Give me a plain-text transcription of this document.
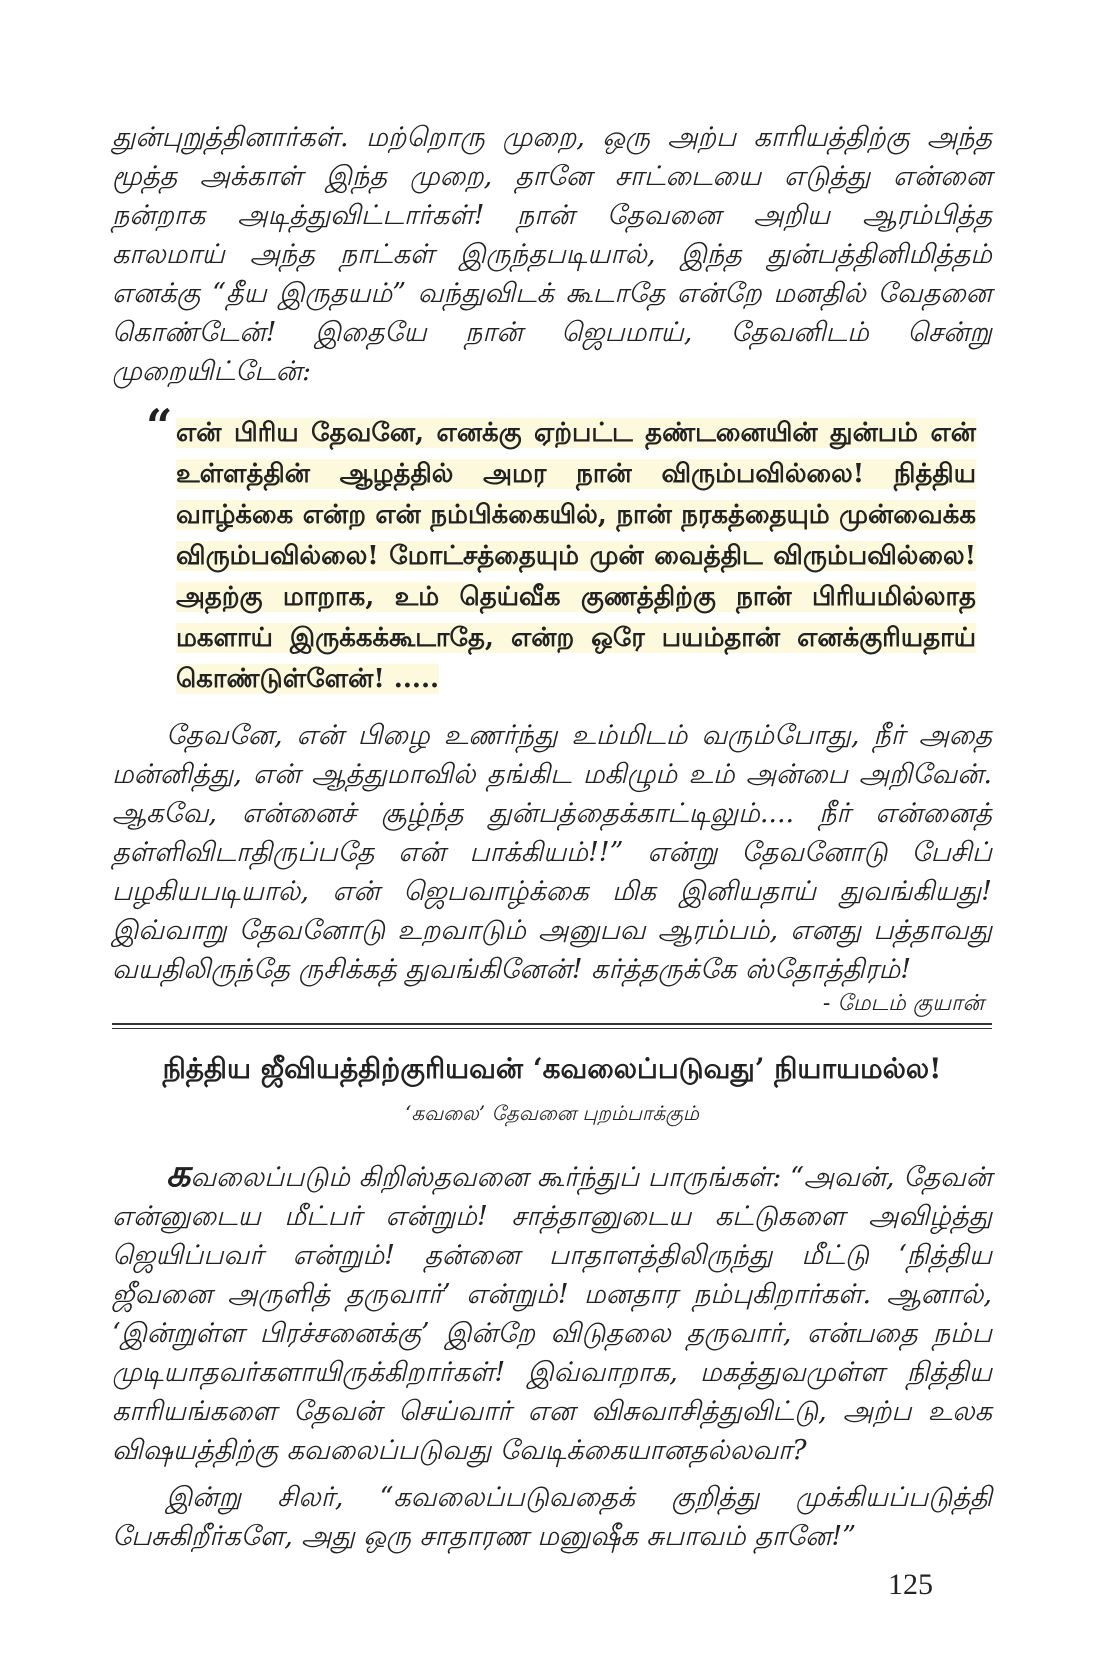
துன்புறுத்தினார்கள். மற்றொரு முறை, ஒரு அற்ப காரியத்திற்கு அந்த மூத்த அக்காள் இந்த முறை, தானே சாட்டையை எடுத்து என்னை நன்றாக அடித்துவிட்டார்கள்! நான் தேவனை அறிய ஆரம்பித்த காலமாய் அந்த நாட்கள் இருந்தபடியால், இந்த துன்பத்தினிமித்தம் எனக்கு “தீய இருதயம்” வந்துவிடக் கூடாதே என்றே மனதில் வேதனை கொண்டேன்! இதையே நான் ஜெபமாய், தேவனிடம் சென்று முறையிட்டேன்:

“ என் பிரிய தேவனே, எனக்கு ஏற்பட்ட தண்டனையின் துன்பம் என் உள்ளத்தின் ஆழத்தில் அமர நான் விரும்பவில்லை! நித்திய வாழ்க்கை என்ற என் நம்பிக்கையில், நான் நரகத்தையும் முன்வைக்க விரும்பவில்லை! மோட்சத்தையும் முன் வைத்திட விரும்பவில்லை! அதற்கு மாறாக, உம் தெய்வீக குணத்திற்கு நான் பிரியமில்லாத மகளாய் இருக்கக்கூடாதே, என்ற ஒரே பயம்தான் எனக்குரியதாய் கொண்டுள்ளேன்! .....

தேவனே, என் பிழை உணர்ந்து உம்மிடம் வரும்போது, நீர் அதை மன்னித்து, என் ஆத்துமாவில் தங்கிட மகிழும் உம் அன்பை அறிவேன். ஆகவே, என்னைச் சூழ்ந்த துன்பத்தைக்காட்டிலும்.... நீர் என்னைத் தள்ளிவிடாதிருப்பதே என் பாக்கியம்!!” என்று தேவனோடு பேசிப் பழகியபடியால், என் ஜெபவாழ்க்கை மிக இனியதாய் துவங்கியது! இவ்வாறு தேவனோடு உறவாடும் அனுபவ ஆரம்பம், எனது பத்தாவது வயதிலிருந்தே ருசிக்கத் துவங்கினேன்! கர்த்தருக்கே ஸ்தோத்திரம்!

- மேடம் குயான்

நித்திய ஜீவியத்திற்குரியவன் ‘கவலைப்படுவது’ நியாயமல்ல!

‘கவலை’ தேவனை புறம்பாக்கும்

கவலைப்படும் கிறிஸ்தவனை கூர்ந்துப் பாருங்கள்: “அவன், தேவன் என்னுடைய மீட்பர் என்றும்! சாத்தானுடைய கட்டுகளை அவிழ்த்து ஜெயிப்பவர் என்றும்! தன்னை பாதாளத்திலிருந்து மீட்டு ‘நித்திய ஜீவனை அருளித் தருவார்’ என்றும்! மனதார நம்புகிறார்கள். ஆனால், ‘இன்றுள்ள பிரச்சனைக்கு’ இன்றே விடுதலை தருவார், என்பதை நம்ப முடியாதவர்களாயிருக்கிறார்கள்! இவ்வாறாக, மகத்துவமுள்ள நித்திய காரியங்களை தேவன் செய்வார் என விசுவாசித்துவிட்டு, அற்ப உலக விஷயத்திற்கு கவலைப்படுவது வேடிக்கையானதல்லவா?

இன்று சிலர், “கவலைப்படுவதைக் குறித்து முக்கியப்படுத்தி பேசுகிறீர்களே, அது ஒரு சாதாரண மனுஷீக சுபாவம் தானே!”

125
